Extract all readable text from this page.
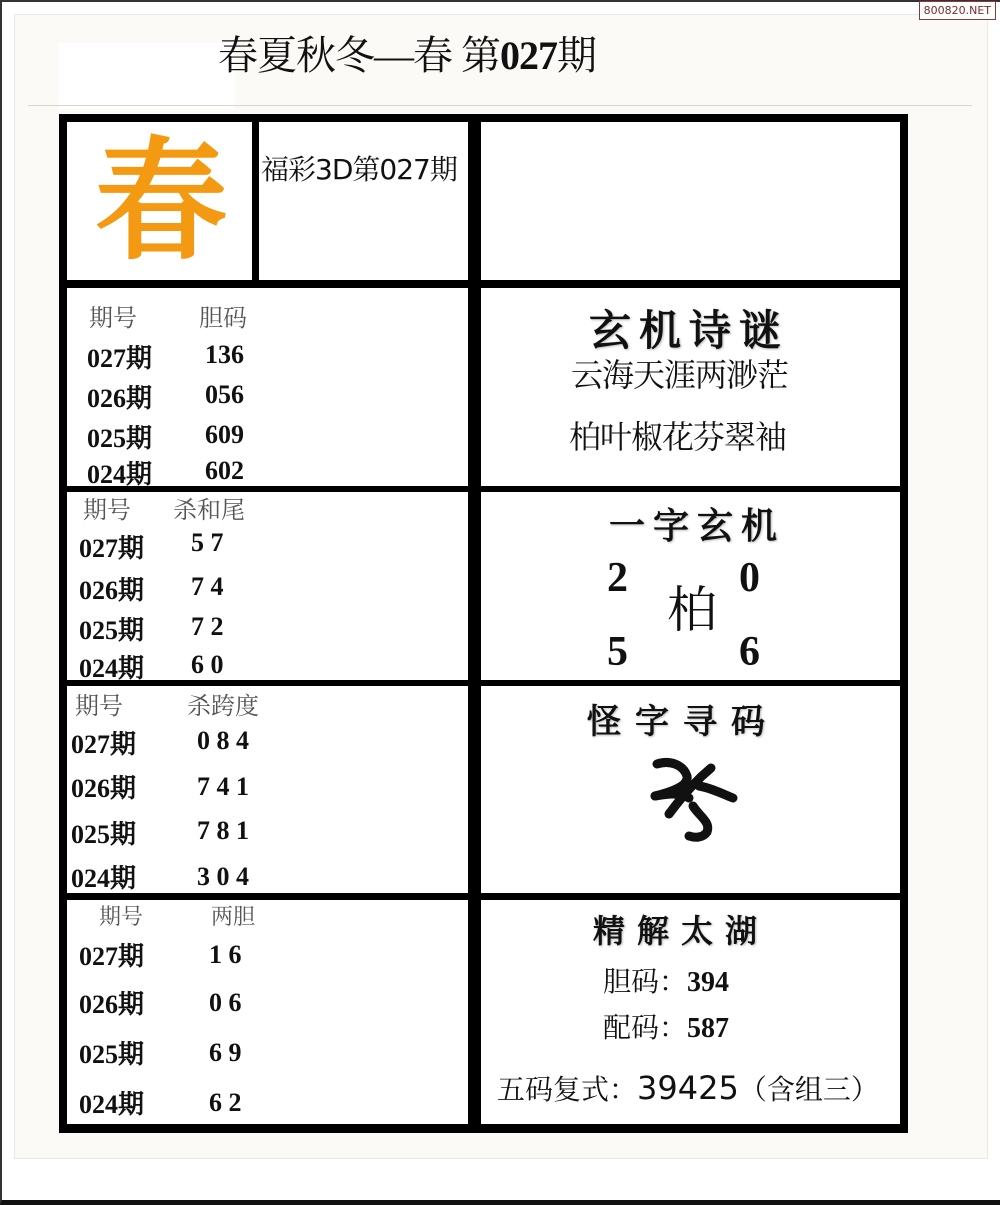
800820.NET
春夏秋冬—春 第027期
春 福彩3D第027期
期号	胆码
027期 136
026期 056
025期 609
024期 602
玄机诗谜
云海天涯两渺茫
柏叶椒花芬翠袖
期号 杀和尾
027期 5 7
026期 7 4
025期 7 2
024期 6 0
一字玄机
2
柏
0
5	6
期号	杀跨度
027期 0 8 4
026期 7 4 1
025期 7 8 1
024期 3 0 4
怪字寻码
期号	两胆
027期 1 6
026期 0 6
025期 6 9
024期 6 2
精解太湖
胆码：394
配码：587
五码复式：39425（含组三）
